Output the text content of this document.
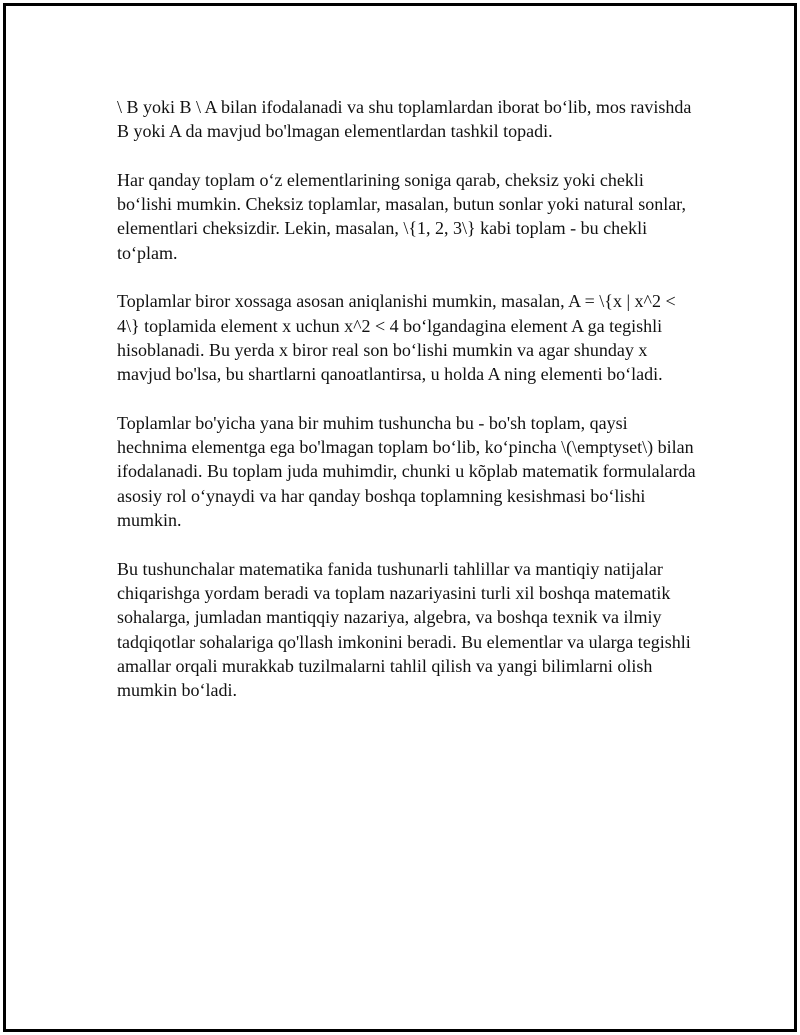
\ B yoki B \ A bilan ifodalanadi va shu toplamlardan iborat bo‘lib, mos ravishda B yoki A da mavjud bo'lmagan elementlardan tashkil topadi.

Har qanday toplam o‘z elementlarining soniga qarab, cheksiz yoki chekli bo‘lishi mumkin. Cheksiz toplamlar, masalan, butun sonlar yoki natural sonlar, elementlari cheksizdir. Lekin, masalan, \{1, 2, 3\} kabi toplam - bu chekli to‘plam.

Toplamlar biror xossaga asosan aniqlanishi mumkin, masalan, A = \{x | x^2 < 4\} toplamida element x uchun x^2 < 4 bo‘lgandagina element A ga tegishli hisoblanadi. Bu yerda x biror real son bo‘lishi mumkin va agar shunday x mavjud bo'lsa, bu shartlarni qanoatlantirsa, u holda A ning elementi bo‘ladi.

Toplamlar bo'yicha yana bir muhim tushuncha bu - bo'sh toplam, qaysi hechnima elementga ega bo'lmagan toplam bo‘lib, ko‘pincha \(\emptyset\) bilan ifodalanadi. Bu toplam juda muhimdir, chunki u kõplab matematik formulalarda asosiy rol o‘ynaydi va har qanday boshqa toplamning kesishmasi bo‘lishi mumkin.

Bu tushunchalar matematika fanida tushunarli tahlillar va mantiqiy natijalar chiqarishga yordam beradi va toplam nazariyasini turli xil boshqa matematik sohalarga, jumladan mantiqqiy nazariya, algebra, va boshqa texnik va ilmiy tadqiqotlar sohalariga qo'llash imkonini beradi. Bu elementlar va ularga tegishli amallar orqali murakkab tuzilmalarni tahlil qilish va yangi bilimlarni olish mumkin bo‘ladi.
